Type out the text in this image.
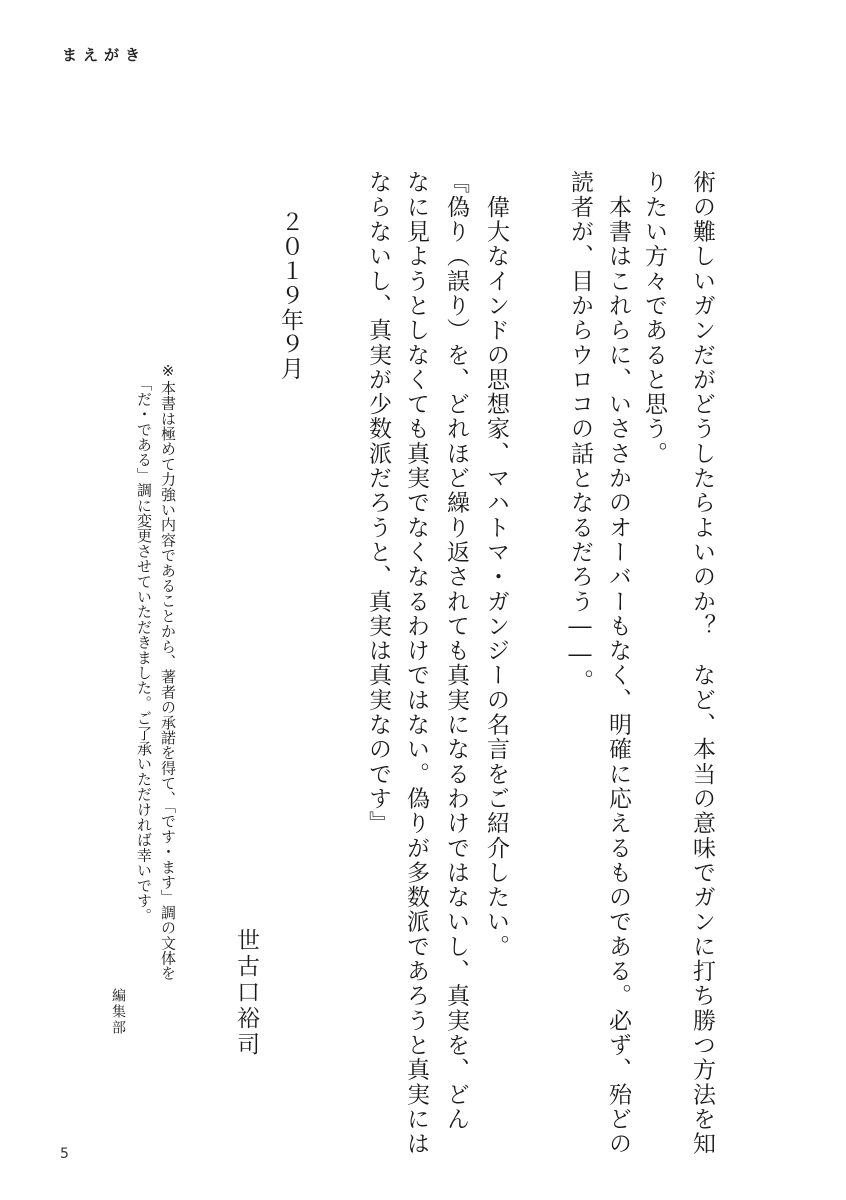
まえがき
術の難しいガンだがどうしたらよいのか？　など、本当の意味でガンに打ち勝つ方法を知
りたい方々であると思う。
　本書はこれらに、いささかのオーバーもなく、明確に応えるものである。必ず、殆どの
読者が、目からウロコの話となるだろう――。
　偉大なインドの思想家、マハトマ・ガンジーの名言をご紹介したい。
『偽り（誤り）を、どれほど繰り返されても真実になるわけではないし、真実を、どん
なに見ようとしなくても真実でなくなるわけではない。偽りが多数派であろうと真実には
ならないし、真実が少数派だろうと、真実は真実なのです』
２０１９年９月
世古口裕司
※本書は極めて力強い内容であることから、著者の承諾を得て、「です・ます」調の文体を
「だ・である」調に変更させていただきました。ご了承いただければ幸いです。
編集部
5
